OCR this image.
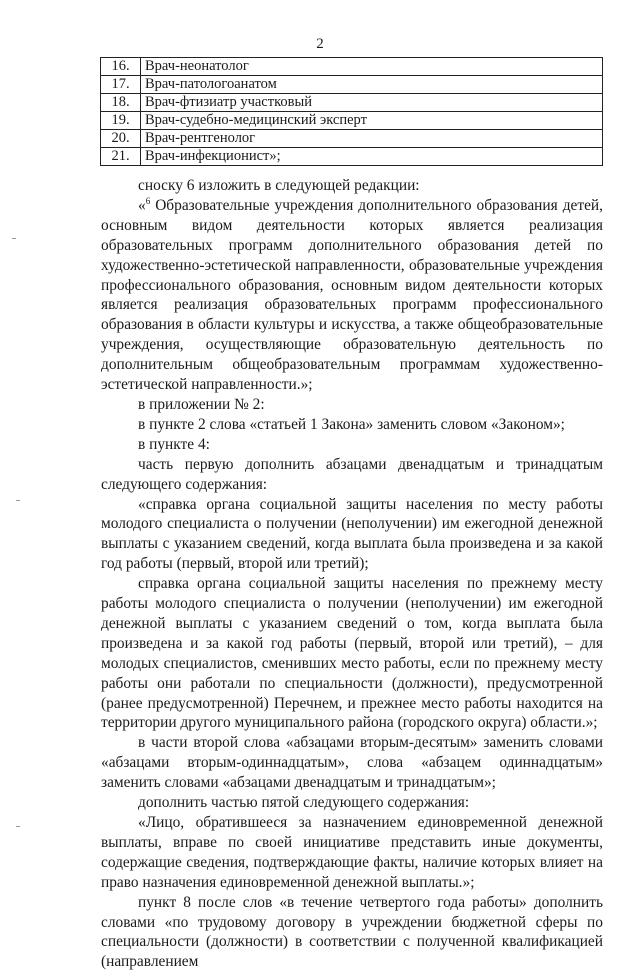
2
16.	Врач-неонатолог
17.	Врач-патологоанатом
18.	Врач-фтизиатр участковый
19.	Врач-судебно-медицинский эксперт
20.	Врач-рентгенолог
21.	Врач-инфекционист»;

сноску 6 изложить в следующей редакции:

«$^6$ Образовательные учреждения дополнительного образования детей, основным видом деятельности которых является реализация образовательных программ дополнительного образования детей по художественно-эстетической направленности, образовательные учреждения профессионального образования, основным видом деятельности которых является реализация образовательных программ профессионального образования в области культуры и искусства, а также общеобразовательные учреждения, осуществляющие образовательную деятельность по дополнительным общеобразовательным программам художественно-эстетической направленности.»;

в приложении № 2:

в пункте 2 слова «статьей 1 Закона» заменить словом «Законом»;

в пункте 4:

часть первую дополнить абзацами двенадцатым и тринадцатым следующего содержания:

«справка органа социальной защиты населения по месту работы молодого специалиста о получении (неполучении) им ежегодной денежной выплаты с указанием сведений, когда выплата была произведена и за какой год работы (первый, второй или третий);

справка органа социальной защиты населения по прежнему месту работы молодого специалиста о получении (неполучении) им ежегодной денежной выплаты с указанием сведений о том, когда выплата была произведена и за какой год работы (первый, второй или третий), – для молодых специалистов, сменивших место работы, если по прежнему месту работы они работали по специальности (должности), предусмотренной (ранее предусмотренной) Перечнем, и прежнее место работы находится на территории другого муниципального района (городского округа) области.»;

в части второй слова «абзацами вторым-десятым» заменить словами «абзацами вторым-одиннадцатым», слова «абзацем одиннадцатым» заменить словами «абзацами двенадцатым и тринадцатым»;

дополнить частью пятой следующего содержания:

«Лицо, обратившееся за назначением единовременной денежной выплаты, вправе по своей инициативе представить иные документы, содержащие сведения, подтверждающие факты, наличие которых влияет на право назначения единовременной денежной выплаты.»;

пункт 8 после слов «в течение четвертого года работы» дополнить словами «по трудовому договору в учреждении бюджетной сферы по специальности (должности) в соответствии с полученной квалификацией (направлением
